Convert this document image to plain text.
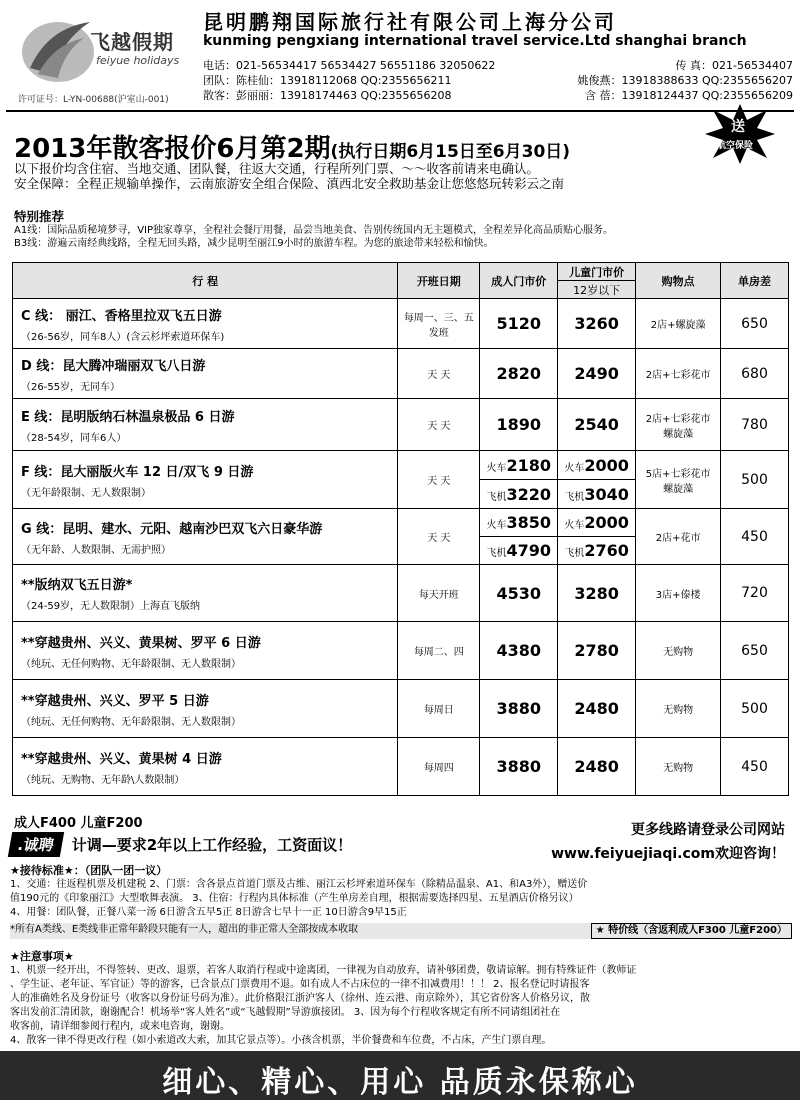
飞越假期
feiyue holidays
许可证号：L-YN-00688(沪室山-001)
昆明鹏翔国际旅行社有限公司上海分公司
kunming pengxiang international travel service.Ltd shanghai branch
电话：021-56534417 56534427 56551186 32050622	传 真：021-56534407
团队：陈桂仙：13918112068 QQ:2355656211	姚俊燕：13918388633 QQ:2355656207
散客：彭丽丽：13918174463 QQ:2355656208	含 蓓：13918124437 QQ:2355656209
2013年散客报价6月第2期(执行日期6月15日至6月30日)
送
航空保险
以下报价均含住宿、当地交通、团队餐，往返大交通，行程所列门票、～～收客前请来电确认。
安全保障：全程正规输单操作，云南旅游安全组合保险、滇西北安全救助基金让您悠悠玩转彩云之南
特别推荐
A1线：国际品质秘境梦寻，VIP独家尊享，全程社会餐厅用餐，品尝当地美食、告别传统国内无主题模式，全程差异化高品质贴心服务。
B3线：游遍云南经典线路，全程无回头路，减少昆明至丽江9小时的旅游车程。为您的旅途带来轻松和愉快。
行 程	开班日期	成人门市价	儿童门市价	购物点	单房差
			12岁以下		

C 线： 丽江、香格里拉双飞五日游
（26-56岁，同车8人）(含云杉坪索道环保车)	每周一、三、五发班	5120	3260	2店+螺旋藻	650

D 线：昆大腾冲瑞丽双飞八日游
（26-55岁，无同车）	天 天	2820	2490	2店+七彩花市	680

E 线：昆明版纳石林温泉极品 6 日游
（28-54岁，同车6人）	天 天	1890	2540	2店+七彩花市螺旋藻	780

F 线：昆大丽版火车 12 日/双飞 9 日游
（无年龄限制、无人数限制）	天 天	火车2180	火车2000	5店+七彩花市螺旋藻	500
		飞机3220	飞机3040		

G 线：昆明、建水、元阳、越南沙巴双飞六日豪华游
（无年龄、人数限制、无需护照）	天 天	火车3850	火车2000	2店+花市	450
		飞机4790	飞机2760		

**版纳双飞五日游*
（24-59岁，无人数限制）上海直飞版纳	每天开班	4530	3280	3店+傣楼	720

**穿越贵州、兴义、黄果树、罗平 6 日游
（纯玩、无任何购物、无年龄限制、无人数限制）	每周二、四	4380	2780	无购物	650

**穿越贵州、兴义、罗平 5 日游
（纯玩、无任何购物、无年龄限制、无人数限制）	每周日	3880	2480	无购物	500

**穿越贵州、兴义、黄果树 4 日游
（纯玩、无购物、无年龄\人数限制）	每周四	3880	2480	无购物	450
成人F400 儿童F200	更多线路请登录公司网站
www.feiyuejiaqi.com欢迎咨询！
.诚聘	计调—要求2年以上工作经验，工资面议！
★接待标准★：（团队一团一议）
1、交通：往返程机票及机建税 2、门票：含各景点首道门票及古维、丽江云杉坪索道环保车（除精品温泉、A1、和A3外），赠送价
值190元的《印象丽江》大型歌舞表演。 3、住宿：行程内具体标准（产生单房差自理，根据需要选择四星、五星酒店价格另议）
4、用餐：团队餐，正餐八菜一汤 6日游含五早5正 8日游含七早十一正 10日游含9早15正
*所有A类线、E类线非正常年龄段只能有一人，超出的非正常人全部按成本收取	★ 特价线（含返利成人F300 儿童F200）
★注意事项★
1、机票一经开出，不得签转、更改、退票，若客人取消行程或中途离团，一律视为自动放弃，请补够团费，敬请谅解。拥有特殊证件（教师证
、学生证、老年证、军官证）等的游客，已含景点门票费用不退。如有成人不占床位的一律不扣减费用！！！ 2、报名登记时请报客
人的准确姓名及身份证号（收客以身份证号码为准）。此价格限江浙沪客人（徐州、连云港、南京除外），其它省份客人价格另议，散
客出发前汇清团款，谢谢配合！机场举“客人姓名”或“飞越假期”导游旗接团。 3、因为每个行程收客规定有所不同请组团社在
收客前，请详细参阅行程内，或来电咨询，谢谢。
4、散客一律不得更改行程（如小索道改大索，加其它景点等）。小孩含机票，半价餐费和车位费，不占床，产生门票自理。
细心、精心、用心 品质永保称心
